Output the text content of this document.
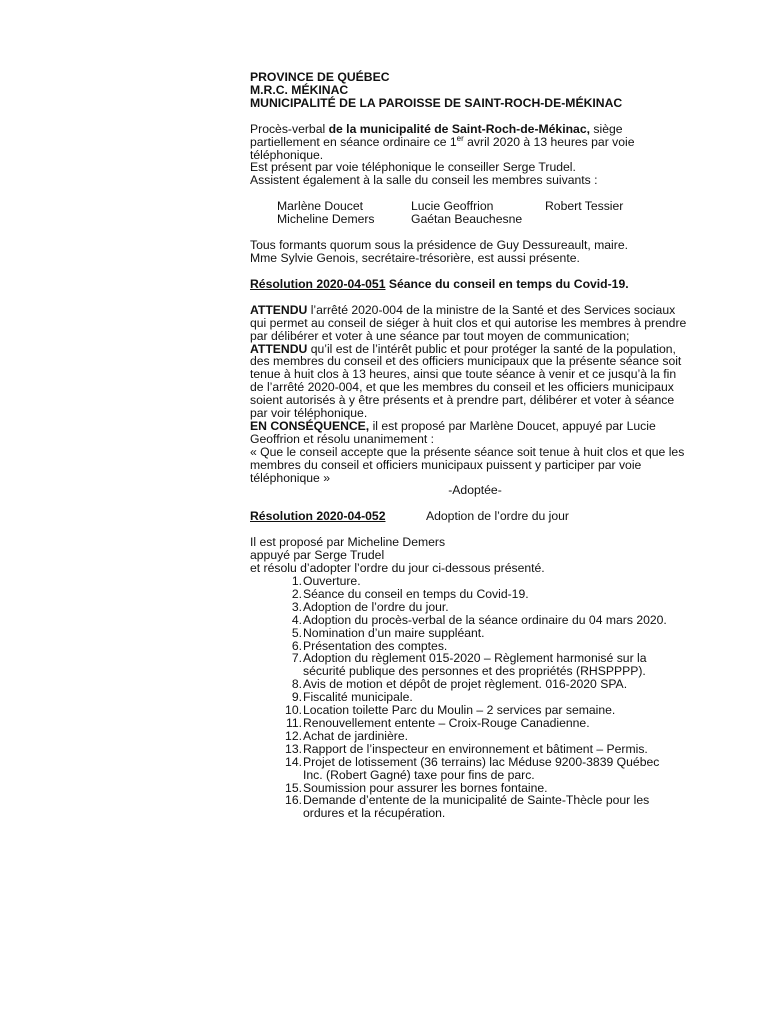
PROVINCE DE QUÉBEC
M.R.C. MÉKINAC
MUNICIPALITÉ DE LA PAROISSE DE SAINT-ROCH-DE-MÉKINAC
Procès-verbal de la municipalité de Saint-Roch-de-Mékinac, siège partiellement en séance ordinaire ce 1er avril 2020 à 13 heures par voie téléphonique.
Est présent par voie téléphonique le conseiller Serge Trudel.
Assistent également à la salle du conseil les membres suivants :
Marlène Doucet	Lucie Geoffrion	Robert Tessier
Micheline Demers	Gaétan Beauchesne
Tous formants quorum sous la présidence de Guy Dessureault, maire.
Mme Sylvie Genois, secrétaire-trésorière, est aussi présente.
Résolution 2020-04-051 Séance du conseil en temps du Covid-19.
ATTENDU l’arrêté 2020-004 de la ministre de la Santé et des Services sociaux qui permet au conseil de siéger à huit clos et qui autorise les membres à prendre par délibérer et voter à une séance par tout moyen de communication;
ATTENDU qu’il est de l’intérêt public et pour protéger la santé de la population, des membres du conseil et des officiers municipaux que la présente séance soit tenue à huit clos à 13 heures, ainsi que toute séance à venir et ce jusqu’à la fin de l’arrêté 2020-004, et que les membres du conseil et les officiers municipaux soient autorisés à y être présents et à prendre part, délibérer et voter à séance par voir téléphonique.
EN CONSÉQUENCE, il est proposé par Marlène Doucet, appuyé par Lucie Geoffrion et résolu unanimement :
« Que le conseil accepte que la présente séance soit tenue à huit clos et que les membres du conseil et officiers municipaux puissent y participer par voie téléphonique »
-Adoptée-
Résolution 2020-04-052	Adoption de l’ordre du jour
Il est proposé par Micheline Demers
appuyé par Serge Trudel
et résolu d’adopter l’ordre du jour ci-dessous présenté.
1. Ouverture.
2. Séance du conseil en temps du Covid-19.
3. Adoption de l’ordre du jour.
4. Adoption du procès-verbal de la séance ordinaire du 04 mars 2020.
5. Nomination d’un maire suppléant.
6. Présentation des comptes.
7. Adoption du règlement 015-2020 – Règlement harmonisé sur la sécurité publique des personnes et des propriétés (RHSPPPP).
8. Avis de motion et dépôt de projet règlement. 016-2020 SPA.
9. Fiscalité municipale.
10. Location toilette Parc du Moulin – 2 services par semaine.
11. Renouvellement entente – Croix-Rouge Canadienne.
12. Achat de jardinière.
13. Rapport de l’inspecteur en environnement et bâtiment – Permis.
14. Projet de lotissement (36 terrains) lac Méduse 9200-3839 Québec Inc. (Robert Gagné) taxe pour fins de parc.
15. Soumission pour assurer les bornes fontaine.
16. Demande d’entente de la municipalité de Sainte-Thècle pour les ordures et la récupération.
